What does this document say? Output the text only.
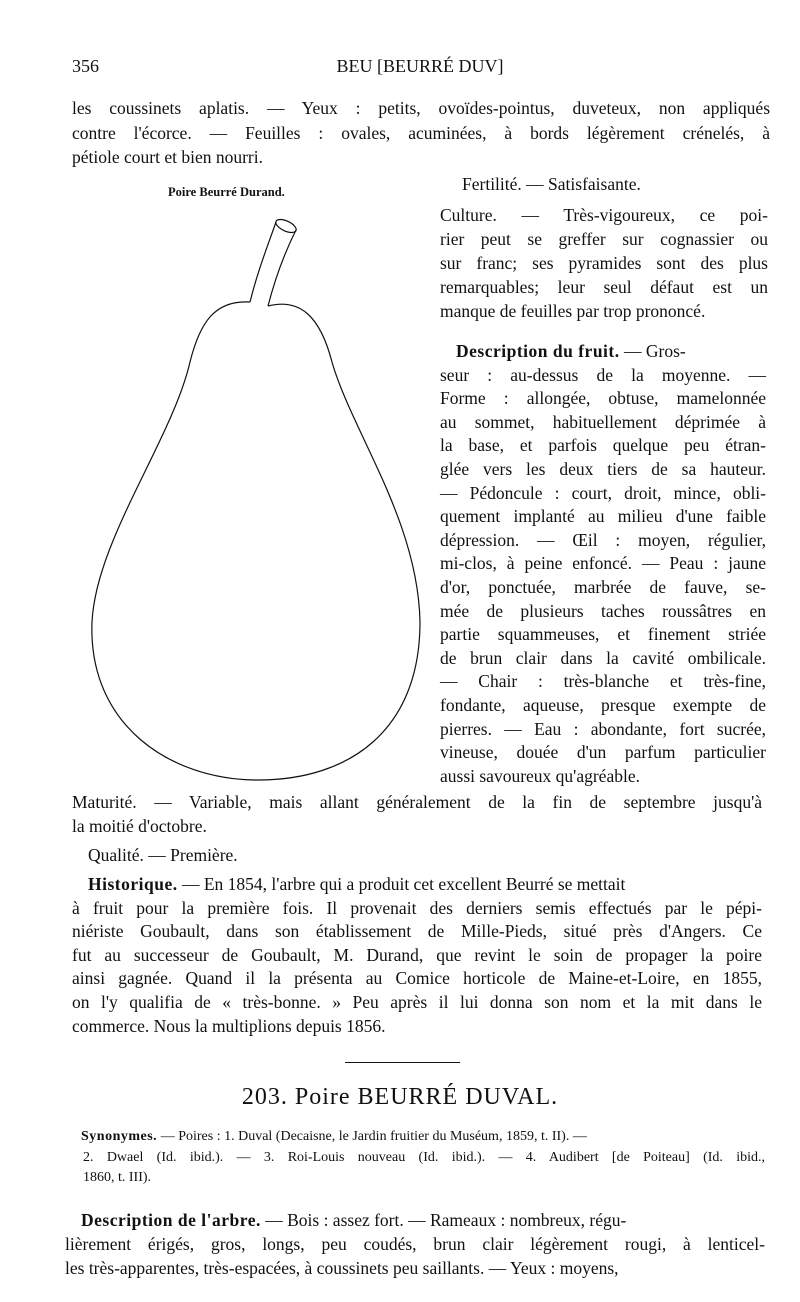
356	BEU [BEURRÉ DUV]
les coussinets aplatis. — Yeux : petits, ovoïdes-pointus, duveteux, non appliqués
contre l'écorce. — Feuilles : ovales, acuminées, à bords légèrement crénelés, à
pétiole court et bien nourri.
Poire Beurré Durand.	Fertilité. — Satisfaisante.
Culture. — Très-vigoureux, ce poi-
rier peut se greffer sur cognassier ou
sur franc; ses pyramides sont des plus
remarquables; leur seul défaut est un
manque de feuilles par trop prononcé.
Description du fruit. — Gros-
seur : au-dessus de la moyenne. —
Forme : allongée, obtuse, mamelonnée
au sommet, habituellement déprimée à
la base, et parfois quelque peu étran-
glée vers les deux tiers de sa hauteur.
— Pédoncule : court, droit, mince, obli-
quement implanté au milieu d'une faible
dépression. — Œil : moyen, régulier,
mi-clos, à peine enfoncé. — Peau : jaune
d'or, ponctuée, marbrée de fauve, se-
mée de plusieurs taches roussâtres en
partie squammeuses, et finement striée
de brun clair dans la cavité ombilicale.
— Chair : très-blanche et très-fine,
fondante, aqueuse, presque exempte de
pierres. — Eau : abondante, fort sucrée,
vineuse, douée d'un parfum particulier
aussi savoureux qu'agréable.
Maturité. — Variable, mais allant généralement de la fin de septembre jusqu'à
la moitié d'octobre.
Qualité. — Première.
Historique. — En 1854, l'arbre qui a produit cet excellent Beurré se mettait
à fruit pour la première fois. Il provenait des derniers semis effectués par le pépi-
niériste Goubault, dans son établissement de Mille-Pieds, situé près d'Angers. Ce
fut au successeur de Goubault, M. Durand, que revint le soin de propager la poire
ainsi gagnée. Quand il la présenta au Comice horticole de Maine-et-Loire, en 1855,
on l'y qualifia de « très-bonne. » Peu après il lui donna son nom et la mit dans le
commerce. Nous la multiplions depuis 1856.
203. Poire BEURRÉ DUVAL.
Synonymes. — Poires : 1. Duval (Decaisne, le Jardin fruitier du Muséum, 1859, t. II). —
2. Dwael (Id. ibid.). — 3. Roi-Louis nouveau (Id. ibid.). — 4. Audibert [de Poiteau] (Id. ibid.,
1860, t. III).
Description de l'arbre. — Bois : assez fort. — Rameaux : nombreux, régu-
lièrement érigés, gros, longs, peu coudés, brun clair légèrement rougi, à lenticel-
les très-apparentes, très-espacées, à coussinets peu saillants. — Yeux : moyens,
